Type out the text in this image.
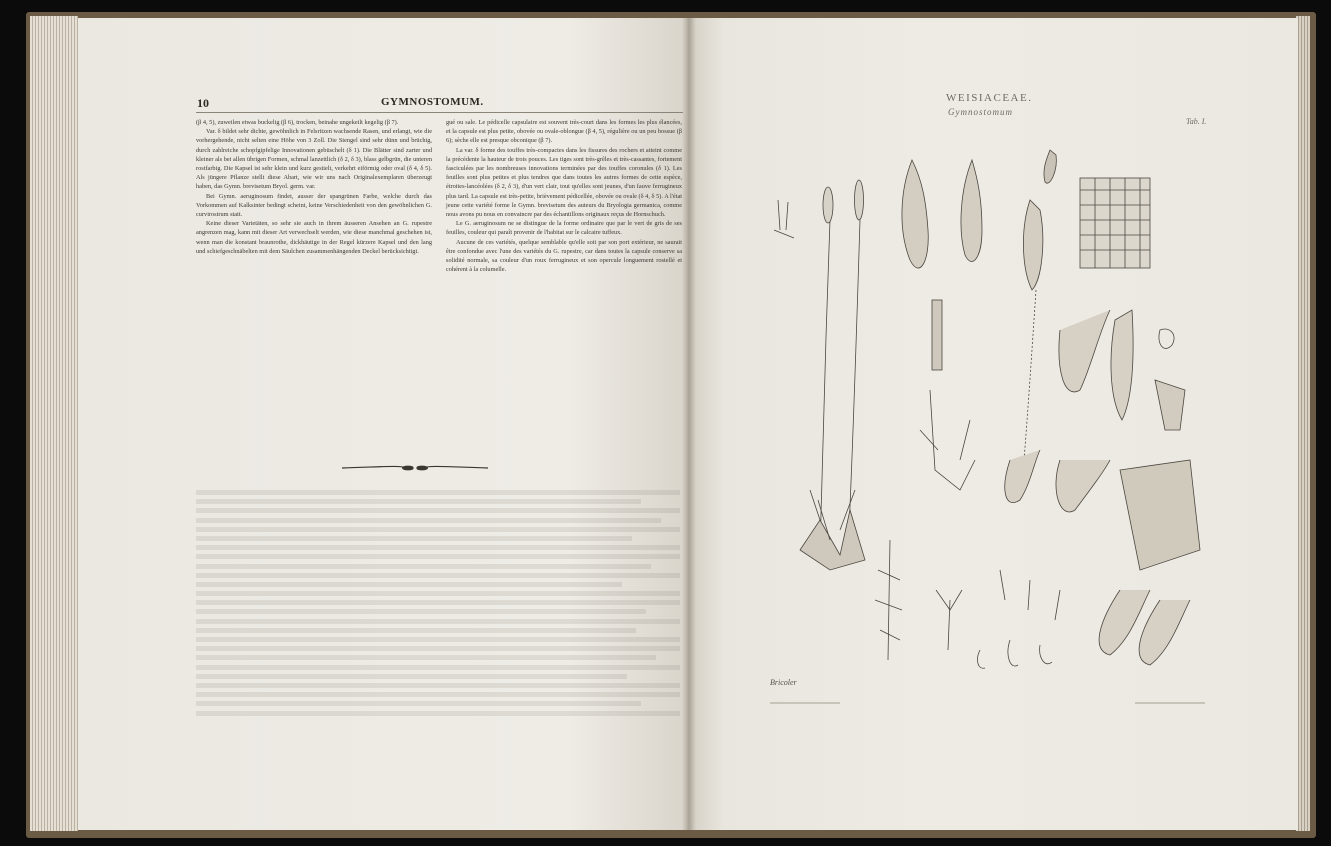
10	GYMNOSTOMUM.

(β 4, 5), zuweilen etwas buckelig (β 6), trocken, beinahe ungekeilt kegelig (β 7).

Var. δ bildet sehr dichte, gewöhnlich in Felsritzen wachsende Rasen, und erlangt, wie die vorhergehende, nicht selten eine Höhe von 3 Zoll. Die Stengel sind sehr dünn und brüchig, durch zahlreiche schopfgipfelige Innovationen gebüschelt (δ 1). Die Blätter sind zarter und kleiner als bei allen übrigen Formen, schmal lanzettlich (δ 2, δ 3), blass gelbgrün, die unteren rostfarbig. Die Kapsel ist sehr klein und kurz gestielt, verkehrt eiförmig oder oval (δ 4, δ 5). Als jüngere Pflanze stellt diese Abart, wie wir uns nach Originalexemplaren überzeugt haben, das Gymn. brevisetum Bryol. germ. var.

Bei Gymn. aeruginosum findet, ausser der spangrünen Farbe, welche durch das Vorkommen auf Kalksinter bedingt scheint, keine Verschiedenheit von den gewöhnlichen G. curvirostrum statt.

Keine dieser Varietäten, so sehr sie auch in ihrem äusseren Ansehen an G. rupestre angrenzen mag, kann mit dieser Art verwechselt werden, wie diese manchmal geschehen ist, wenn man die konstant braunrothe, dickhäutige in der Regel kürzere Kapsel und den lang und schiefgeschnäbelten mit dem Säulchen zusammenhängenden Deckel berücksichtigt.

gué ou sale. Le pédicelle capsulaire est souvent très-court dans les formes les plus élancées, et la capsule est plus petite, obovée ou ovale-oblongue (β 4, 5), régulière ou un peu bossue (β 6); sèche elle est presque obconique (β 7).

La var. δ forme des touffes très-compactes dans les fissures des rochers et atteint comme la précédente la hauteur de trois pouces. Les tiges sont très-grêles et très-cassantes, fortement fasciculées par les nombreuses innovations terminées par des touffes coronules (δ 1). Les feuilles sont plus petites et plus tendres que dans toutes les autres formes de cette espèce, étroites-lancéolées (δ 2, δ 3), d'un vert clair, tout qu'elles sont jeunes, d'un fauve ferrugineux plus tard. La capsule est très-petite, brièvement pédicellée, obovée ou ovale (δ 4, δ 5). A l'état jeune cette variété forme le Gymn. brevisetum des auteurs du Bryologia germanica, comme nous avons pu nous en convaincre par des échantillons originaux reçus de Hornschuch.

Le G. aeruginosum ne se distingue de la forme ordinaire que par le vert de gris de ses feuilles, couleur qui paraît provenir de l'habitat sur le calcaire tuffeux.

Aucune de ces variétés, quelque semblable qu'elle soit par son port extérieur, ne saurait être confondue avec l'une des variétés du G. rupestre, car dans toutes la capsule conserve sa solidité normale, sa couleur d'un roux ferrugineux et son opercule longuement rostellé et cohérent à la columelle.

WEISIACEAE.
Gymnostomum
Tab. I.
Bricoler
